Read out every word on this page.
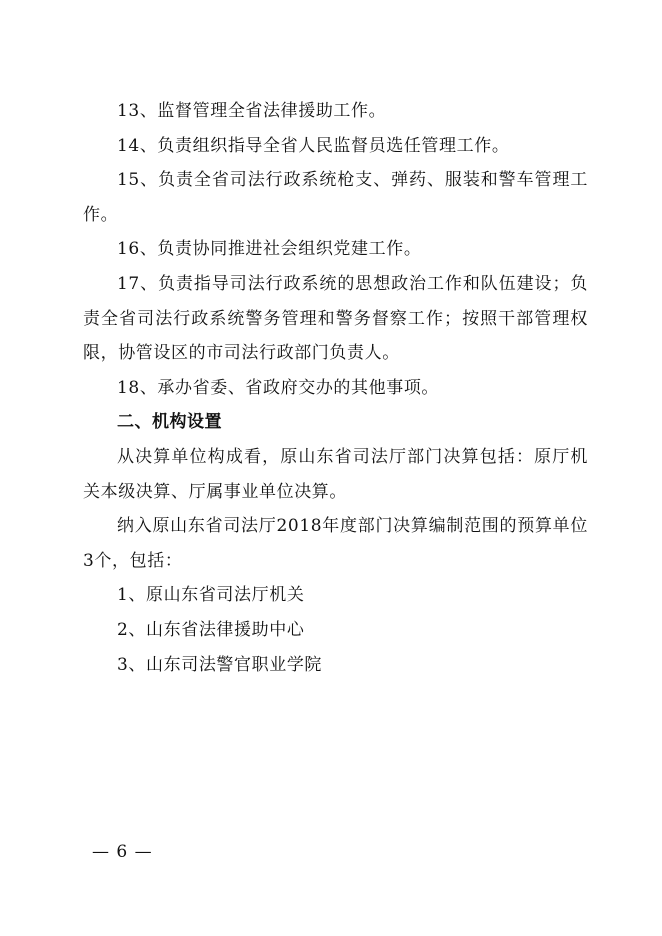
13、监督管理全省法律援助工作。

14、负责组织指导全省人民监督员选任管理工作。

15、负责全省司法行政系统枪支、弹药、服装和警车管理工作。

16、负责协同推进社会组织党建工作。

17、负责指导司法行政系统的思想政治工作和队伍建设；负责全省司法行政系统警务管理和警务督察工作；按照干部管理权限，协管设区的市司法行政部门负责人。

18、承办省委、省政府交办的其他事项。

二、机构设置

从决算单位构成看，原山东省司法厅部门决算包括：原厅机关本级决算、厅属事业单位决算。

纳入原山东省司法厅2018年度部门决算编制范围的预算单位3个，包括：

1、原山东省司法厅机关

2、山东省法律援助中心

3、山东司法警官职业学院

— 6 —
